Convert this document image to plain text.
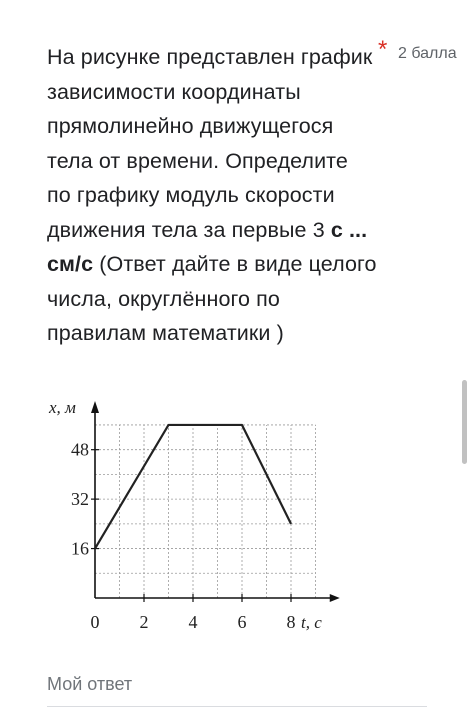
На рисунке представлен график зависимости координаты прямолинейно движущегося тела от времени. Определите по графику модуль скорости движения тела за первые 3 с ... см/с (Ответ дайте в виде целого числа, округлённого по правилам математики )
* 2 балла
0 2 4 6 8
16
32
48
x, м
t, c
Мой ответ
